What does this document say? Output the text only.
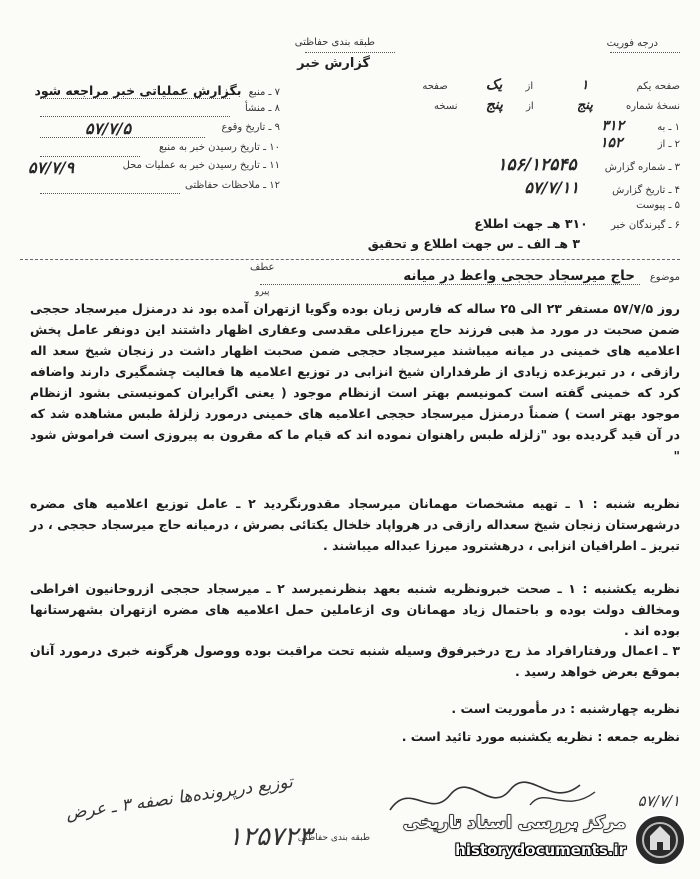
طبقه بندی حفاظتی
گزارش خبر
درجه فوریت
صفحه یکم ۱ از یک صفحه
نسخهٔ شماره پنج از پنج نسخه
۱ ـ به ۳۱۲
۲ ـ از ۱۵۲
۳ ـ شماره گزارش ۱۵۶/۱۲۵۴۵
۴ ـ تاریخ گزارش ۵۷/۷/۱۱
۵ ـ پیوست
۶ ـ گیرندگان خبر ۳۱۰ هـ جهت اطلاع
۳ هـ الف ـ س جهت اطلاع و تحقیق
۷ ـ منبع بگزارش عملیاتی خبر مراجعه شود
۸ ـ منشأ
۹ ـ تاریخ وقوع
۵۷/۷/۵
۱۰ ـ تاریخ رسیدن خبر به منبع
۱۱ ـ تاریخ رسیدن خبر به عملیات محل
۵۷/۷/۹
۱۲ ـ ملاحظات حفاظتی
عطف
پیرو
موضوع
حاج میرسجاد حججی واعظ در میانه
روز ۵۷/۷/۵ مستفر ۲۳ الی ۲۵ ساله که فارس زبان بوده وگویا ازتهران آمده بود ند درمنزل میرسجاد حججی ضمن صحبت در مورد مذ هبی فرزند حاج میرزاعلی مقدسی وعفاری اظهار داشتند این دونفر عامل پخش اعلامیه های خمینی در میانه میباشند میرسجاد حججی ضمن صحبت اظهار داشت در زنجان شیخ سعد اله رازقی ، در تبریزعده زیادی از طرفداران شیخ انزابی در توزیع اعلامیه ها فعالیت چشمگیری دارند واضافه کرد که خمینی گفته است کمونیسم بهتر است ازنظام موجود ( یعنی اگرایران کمونیستی بشود ازنظام موجود بهتر است ) ضمناً درمنزل میرسجاد حججی اعلامیه های خمینی درمورد زلزلهٔ طبس مشاهده شد که در آن قید گردیده بود "زلزله طبس راهنوان نموده اند که قیام ما که مقرون به پیروزی است فراموش شود "
نظریه شنبه : ۱ ـ تهیه مشخصات مهمانان میرسجاد مقدورنگردید ۲ ـ عامل توزیع اعلامیه های مضره درشهرستان زنجان شیخ سعداله رازقی در هرواپاد خلخال یکتائی بصرش ، درمیانه حاج میرسجاد حججی ، در تبریز ـ اطرافیان انزابی ، درهشترود میرزا عبداله میباشند .
نظریه یکشنبه : ۱ ـ صحت خبرونظریه شنبه بعهد بنظرنمیرسد ۲ ـ میرسجاد حججی ازروحانیون افراطی ومخالف دولت بوده و باحتمال زیاد مهمانان وی ازعاملین حمل اعلامیه های مضره ازتهران بشهرستانها بوده اند .
۳ ـ اعمال ورفتارافراد مذ رج درخبرفوق وسیله شنبه تحت مراقبت بوده ووصول هرگونه خبری درمورد آنان بموقع بعرض خواهد رسید .
نظریه چهارشنبه : در مأموریت است .
نظریه جمعه : نظریه یکشنبه مورد تائید است .
توزیع درپرونده‌ها نصفه ۳ ـ عرض	۵۷/۷/۱
طبقه بندی حفاظتی
۱۲۵۷۲۳	مرکز بررسی اسناد تاریخی
historydocuments.ir
